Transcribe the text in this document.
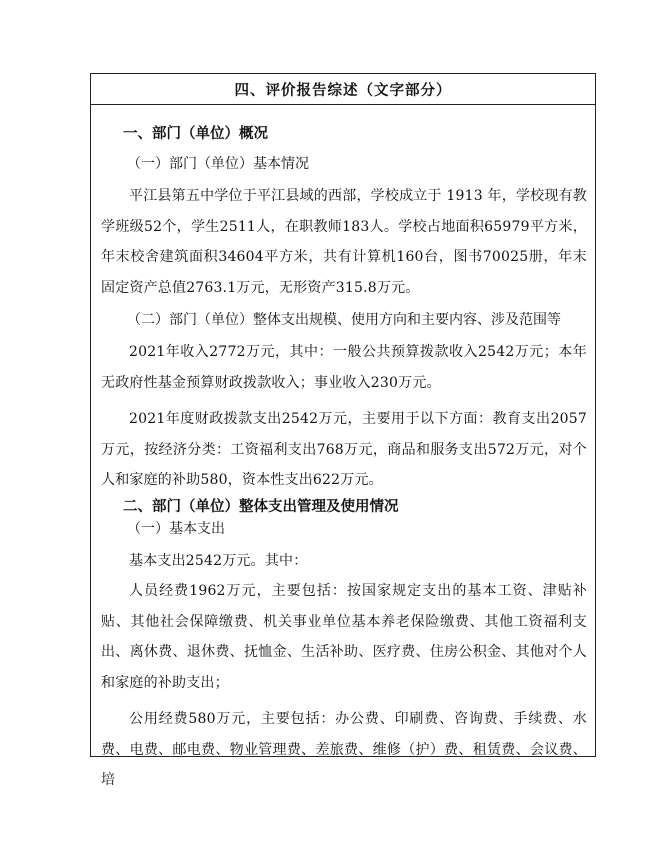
四、评价报告综述（文字部分）

一、部门（单位）概况

（一）部门（单位）基本情况

平江县第五中学位于平江县域的西部，学校成立于 1913 年，学校现有教学班级52个，学生2511人，在职教师183人。学校占地面积65979平方米，年末校舍建筑面积34604平方米，共有计算机160台，图书70025册，年末固定资产总值2763.1万元，无形资产315.8万元。

（二）部门（单位）整体支出规模、使用方向和主要内容、涉及范围等

2021年收入2772万元，其中：一般公共预算拨款收入2542万元；本年无政府性基金预算财政拨款收入；事业收入230万元。

2021年度财政拨款支出2542万元，主要用于以下方面：教育支出2057万元，按经济分类：工资福利支出768万元，商品和服务支出572万元，对个人和家庭的补助580，资本性支出622万元。

二、部门（单位）整体支出管理及使用情况

（一）基本支出

基本支出2542万元。其中：

人员经费1962万元，主要包括：按国家规定支出的基本工资、津贴补贴、其他社会保障缴费、机关事业单位基本养老保险缴费、其他工资福利支出、离休费、退休费、抚恤金、生活补助、医疗费、住房公积金、其他对个人和家庭的补助支出；

公用经费580万元，主要包括：办公费、印刷费、咨询费、手续费、水费、电费、邮电费、物业管理费、差旅费、维修（护）费、租赁费、会议费、培
